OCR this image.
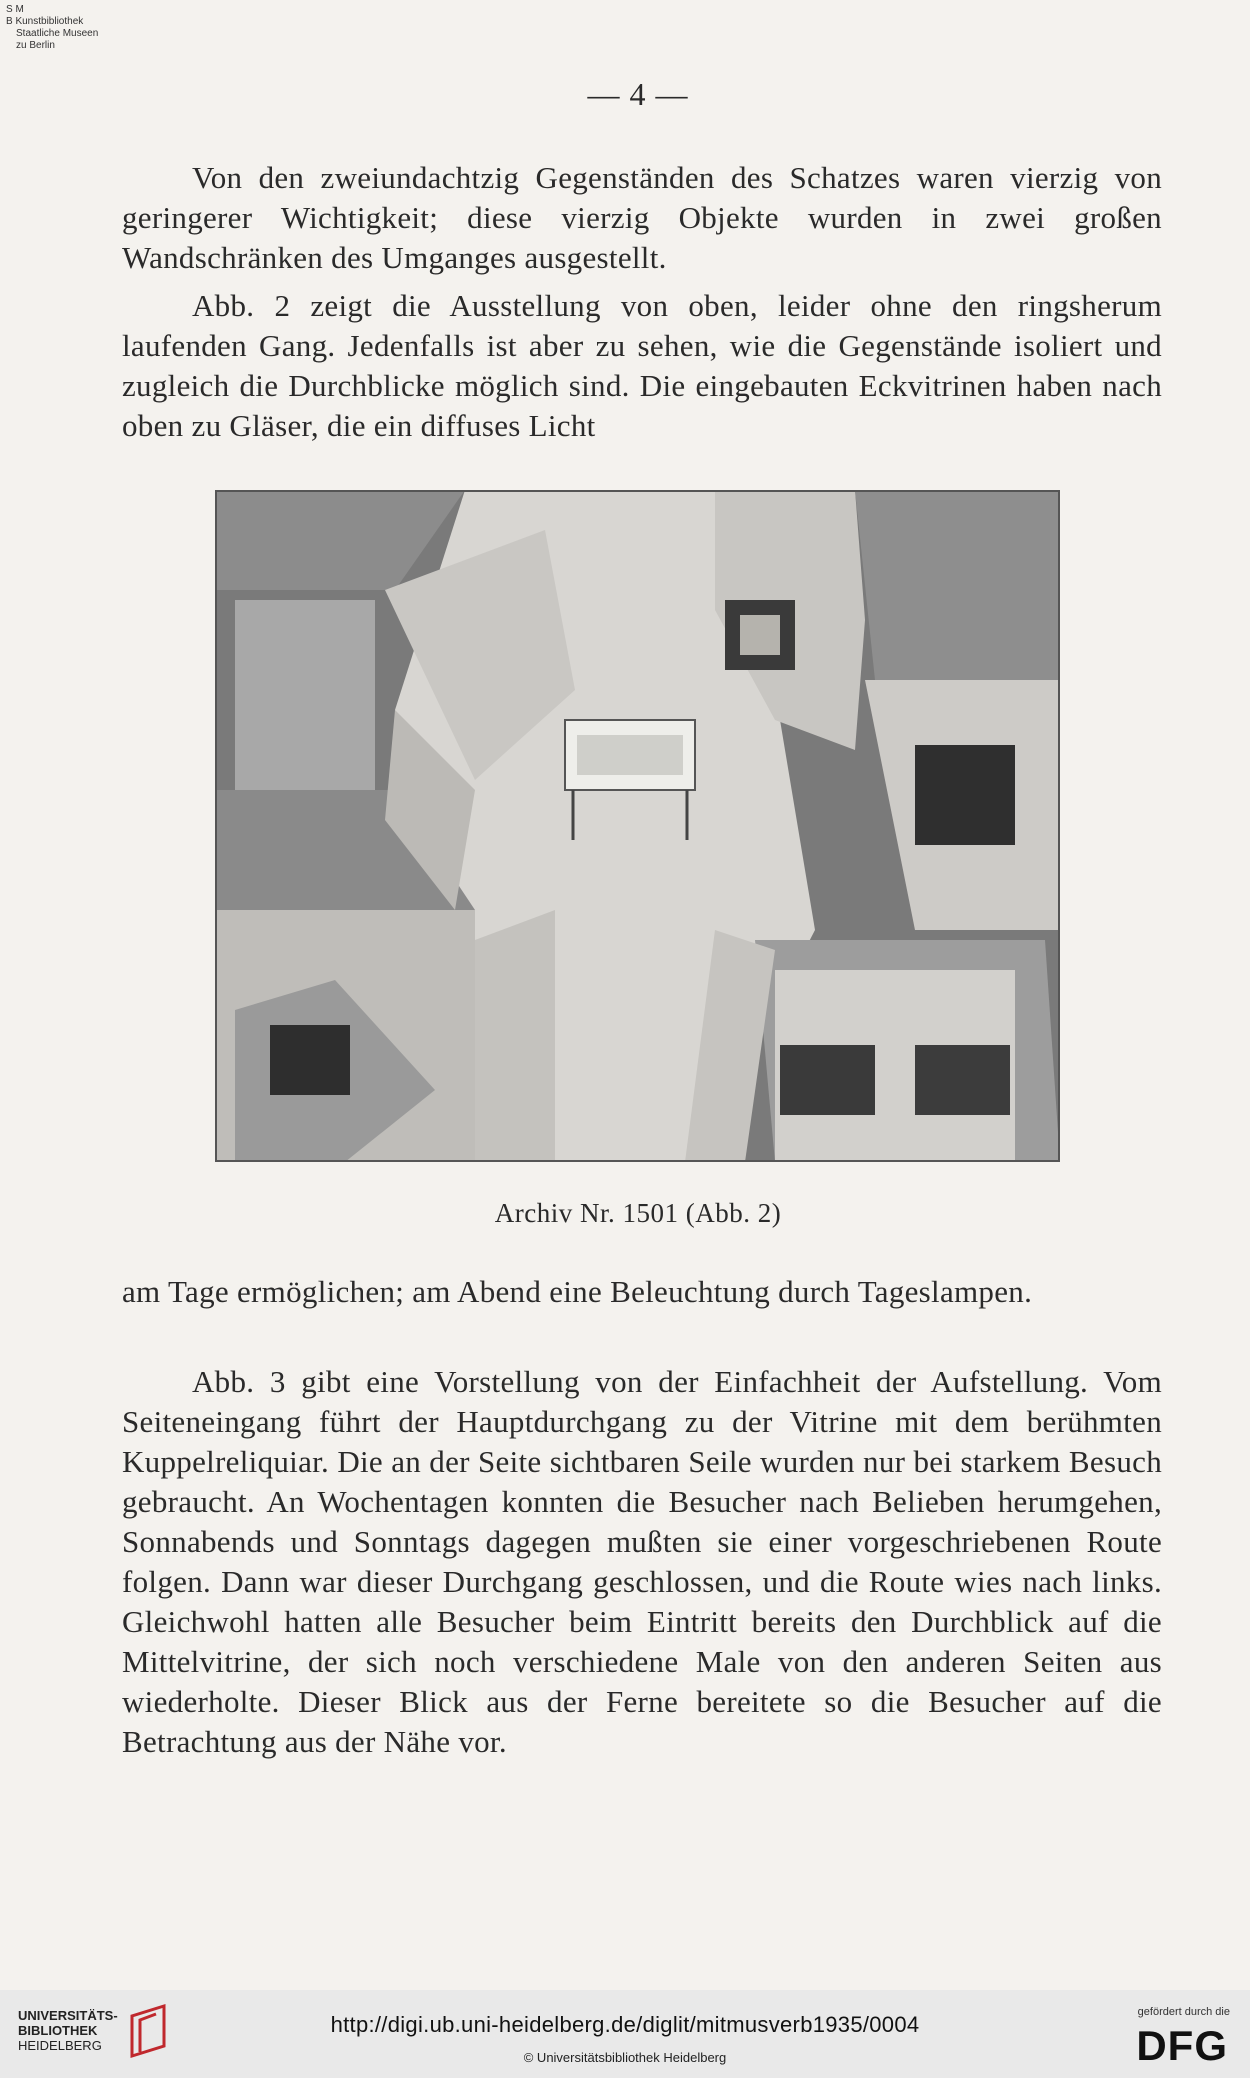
S M
B Kunstbibliothek
Staatliche Museen
zu Berlin
— 4 —

Von den zweiundachtzig Gegenständen des Schatzes waren vierzig von geringerer Wichtigkeit; diese vierzig Objekte wurden in zwei großen Wandschränken des Umganges ausgestellt.

Abb. 2 zeigt die Ausstellung von oben, leider ohne den ringsherum laufenden Gang. Jedenfalls ist aber zu sehen, wie die Gegenstände isoliert und zugleich die Durchblicke möglich sind. Die eingebauten Eckvitrinen haben nach oben zu Gläser, die ein diffuses Licht

Archiv Nr. 1501 (Abb. 2)

am Tage ermöglichen; am Abend eine Beleuchtung durch Tageslampen.

Abb. 3 gibt eine Vorstellung von der Einfachheit der Aufstellung. Vom Seiteneingang führt der Hauptdurchgang zu der Vitrine mit dem berühmten Kuppelreliquiar. Die an der Seite sichtbaren Seile wurden nur bei starkem Besuch gebraucht. An Wochentagen konnten die Besucher nach Belieben herumgehen, Sonnabends und Sonntags dagegen mußten sie einer vorgeschriebenen Route folgen. Dann war dieser Durchgang geschlossen, und die Route wies nach links. Gleichwohl hatten alle Besucher beim Eintritt bereits den Durchblick auf die Mittelvitrine, der sich noch verschiedene Male von den anderen Seiten aus wiederholte. Dieser Blick aus der Ferne bereitete so die Besucher auf die Betrachtung aus der Nähe vor.

UNIVERSITÄTS-
BIBLIOTHEK
HEIDELBERG
http://digi.ub.uni-heidelberg.de/diglit/mitmusverb1935/0004
© Universitätsbibliothek Heidelberg
gefördert durch die
DFG
